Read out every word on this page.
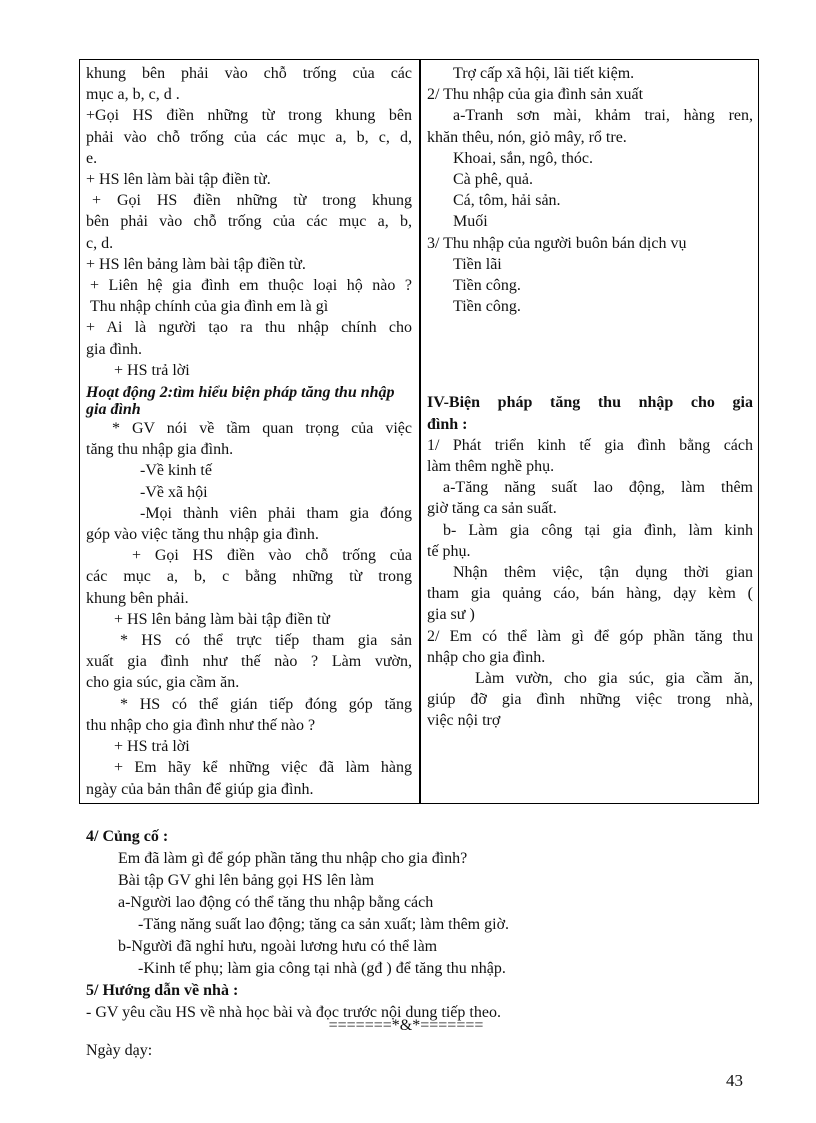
khung bên phải vào chỗ trống của các
mục a, b, c, d .
+Gọi HS điền những từ trong khung bên
phải vào chỗ trống của các mục a, b, c, d,
e.
+ HS lên làm bài tập điền từ.
+ Gọi HS điền những từ trong khung
bên phải vào chỗ trống của các mục a, b,
c, d.
+ HS lên bảng làm bài tập điền từ.
+ Liên hệ gia đình em thuộc loại hộ nào ?
Thu nhập chính của gia đình em là gì
+ Ai là người tạo ra thu nhập chính cho
gia đình.
+ HS trả lời
Hoạt động 2:tìm hiểu biện pháp tăng thu nhập gia đình
* GV nói về tầm quan trọng của việc
tăng thu nhập gia đình.
-Về kinh tế
-Về xã hội
-Mọi thành viên phải tham gia đóng
góp vào việc tăng thu nhập gia đình.
+ Gọi HS điền vào chỗ trống của
các mục a, b, c bằng những từ trong
khung bên phải.
+ HS lên bảng làm bài tập điền từ
* HS có thể trực tiếp tham gia sản
xuất gia đình như thế nào ? Làm vườn,
cho gia súc, gia cầm ăn.
* HS có thể gián tiếp đóng góp tăng
thu nhập cho gia đình như thế nào ?
+ HS trả lời
+ Em hãy kể những việc đã làm hàng
ngày của bản thân để giúp gia đình.
Trợ cấp xã hội, lãi tiết kiệm.
2/ Thu nhập của gia đình sản xuất
a-Tranh sơn mài, khảm trai, hàng ren,
khăn thêu, nón, giỏ mây, rổ tre.
Khoai, sắn, ngô, thóc.
Cà phê, quả.
Cá, tôm, hải sản.
Muối
3/ Thu nhập của người buôn bán dịch vụ
Tiền lãi
Tiền công.
Tiền công.
IV-Biện pháp tăng thu nhập cho gia
đình :
1/ Phát triển kinh tế gia đình bằng cách
làm thêm nghề phụ.
a-Tăng năng suất lao động, làm thêm
giờ tăng ca sản suất.
b- Làm gia công tại gia đình, làm kinh
tế phụ.
Nhận thêm việc, tận dụng thời gian
tham gia quảng cáo, bán hàng, dạy kèm (
gia sư )
2/ Em có thể làm gì để góp phần tăng thu
nhập cho gia đình.
Làm vườn, cho gia súc, gia cầm ăn,
giúp đỡ gia đình những việc trong nhà,
việc nội trợ
4/ Củng cố :
Em đã làm gì để góp phần tăng thu nhập cho gia đình?
Bài tập GV ghi lên bảng gọi HS lên làm
a-Người lao động có thể tăng thu nhập bằng cách
-Tăng năng suất lao động; tăng ca sản xuất; làm thêm giờ.
b-Người đã nghỉ hưu, ngoài lương hưu có thể làm
-Kinh tế phụ; làm gia công tại nhà (gđ ) để tăng thu nhập.
5/ Hướng dẫn về nhà :
- GV yêu cầu HS về nhà học bài và đọc trước nội dung tiếp theo.
=======*&*=======
Ngày dạy:
43
